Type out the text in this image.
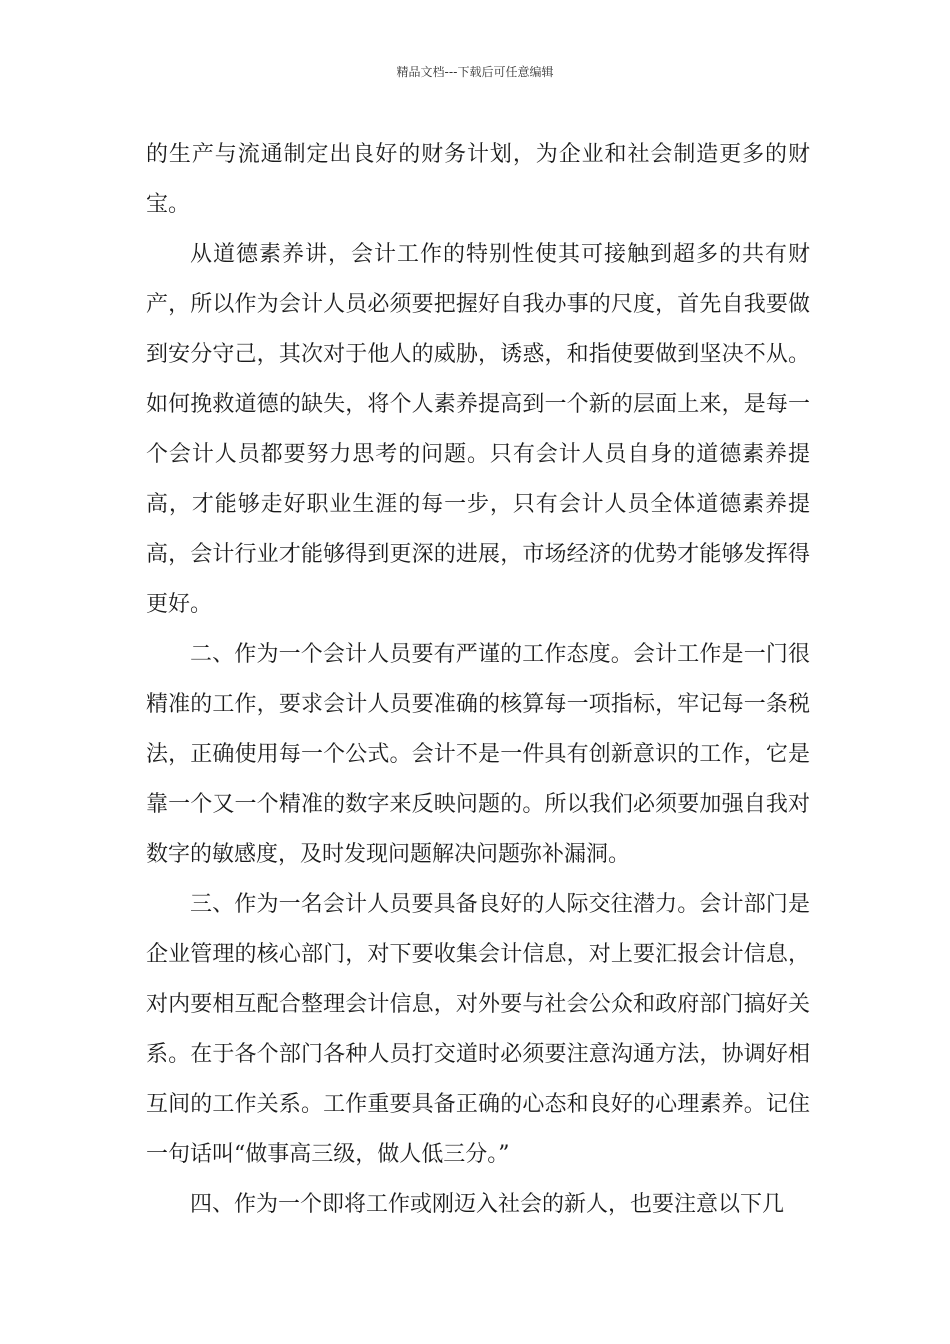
精品文档---下载后可任意编辑

的生产与流通制定出良好的财务计划，为企业和社会制造更多的财宝。

从道德素养讲，会计工作的特别性使其可接触到超多的共有财产，所以作为会计人员必须要把握好自我办事的尺度，首先自我要做到安分守己，其次对于他人的威胁，诱惑，和指使要做到坚决不从。如何挽救道德的缺失，将个人素养提高到一个新的层面上来，是每一个会计人员都要努力思考的问题。只有会计人员自身的道德素养提高，才能够走好职业生涯的每一步，只有会计人员全体道德素养提高，会计行业才能够得到更深的进展，市场经济的优势才能够发挥得更好。

二、作为一个会计人员要有严谨的工作态度。会计工作是一门很精准的工作，要求会计人员要准确的核算每一项指标，牢记每一条税法，正确使用每一个公式。会计不是一件具有创新意识的工作，它是靠一个又一个精准的数字来反映问题的。所以我们必须要加强自我对数字的敏感度，及时发现问题解决问题弥补漏洞。

三、作为一名会计人员要具备良好的人际交往潜力。会计部门是企业管理的核心部门，对下要收集会计信息，对上要汇报会计信息，对内要相互配合整理会计信息，对外要与社会公众和政府部门搞好关系。在于各个部门各种人员打交道时必须要注意沟通方法，协调好相互间的工作关系。工作重要具备正确的心态和良好的心理素养。记住一句话叫“做事高三级，做人低三分。”

四、作为一个即将工作或刚迈入社会的新人，也要注意以下几
